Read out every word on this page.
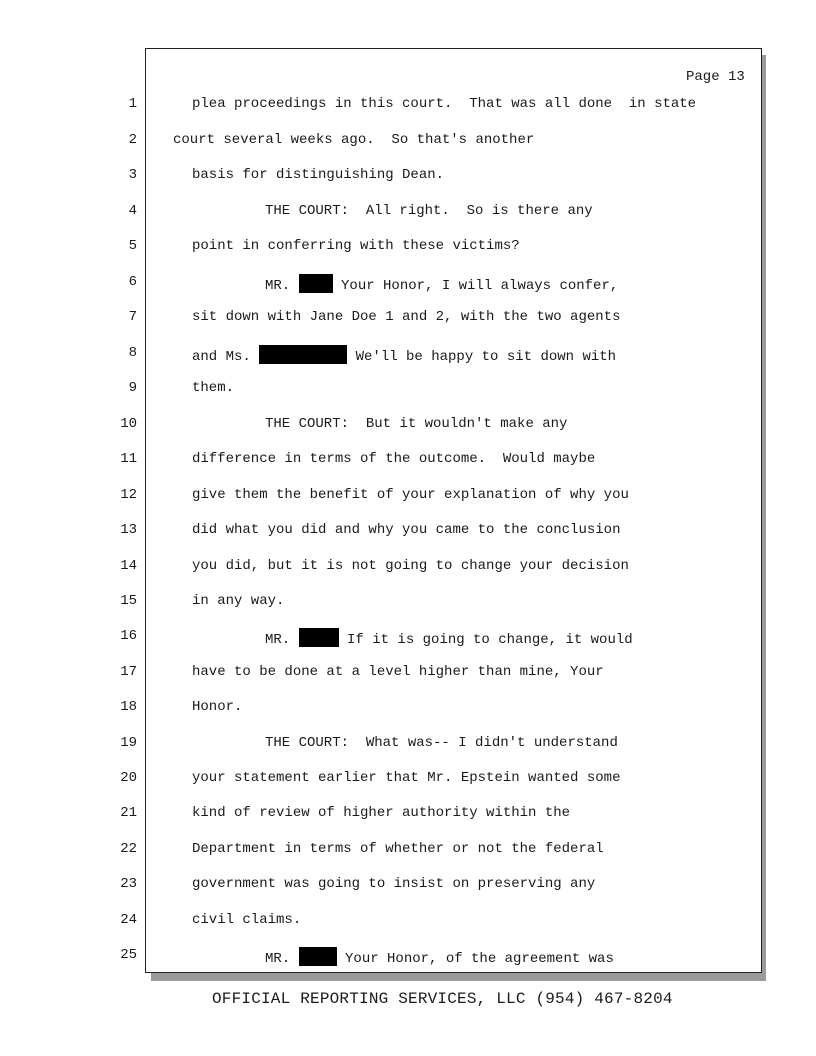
Page 13
1
2
3
4
5
6
7
8
9
10
11
12
13
14
15
16
17
18
19
20
21
22
23
24
25
plea proceedings in this court.  That was all done  in state
court several weeks ago.  So that's another
basis for distinguishing Dean.
THE COURT:  All right.  So is there any
point in conferring with these victims?
MR.  Your Honor, I will always confer,
sit down with Jane Doe 1 and 2, with the two agents
and Ms.	We'll be happy to sit down with
them.
THE COURT:  But it wouldn't make any
difference in terms of the outcome.  Would maybe
give them the benefit of your explanation of why you
did what you did and why you came to the conclusion
you did, but it is not going to change your decision
in any way.
MR.	If it is going to change, it would
have to be done at a level higher than mine, Your
Honor.
THE COURT:  What was-- I didn't understand
your statement earlier that Mr. Epstein wanted some
kind of review of higher authority within the
Department in terms of whether or not the federal
government was going to insist on preserving any
civil claims.
MR.	Your Honor, of the agreement was
OFFICIAL REPORTING SERVICES, LLC (954) 467-8204
